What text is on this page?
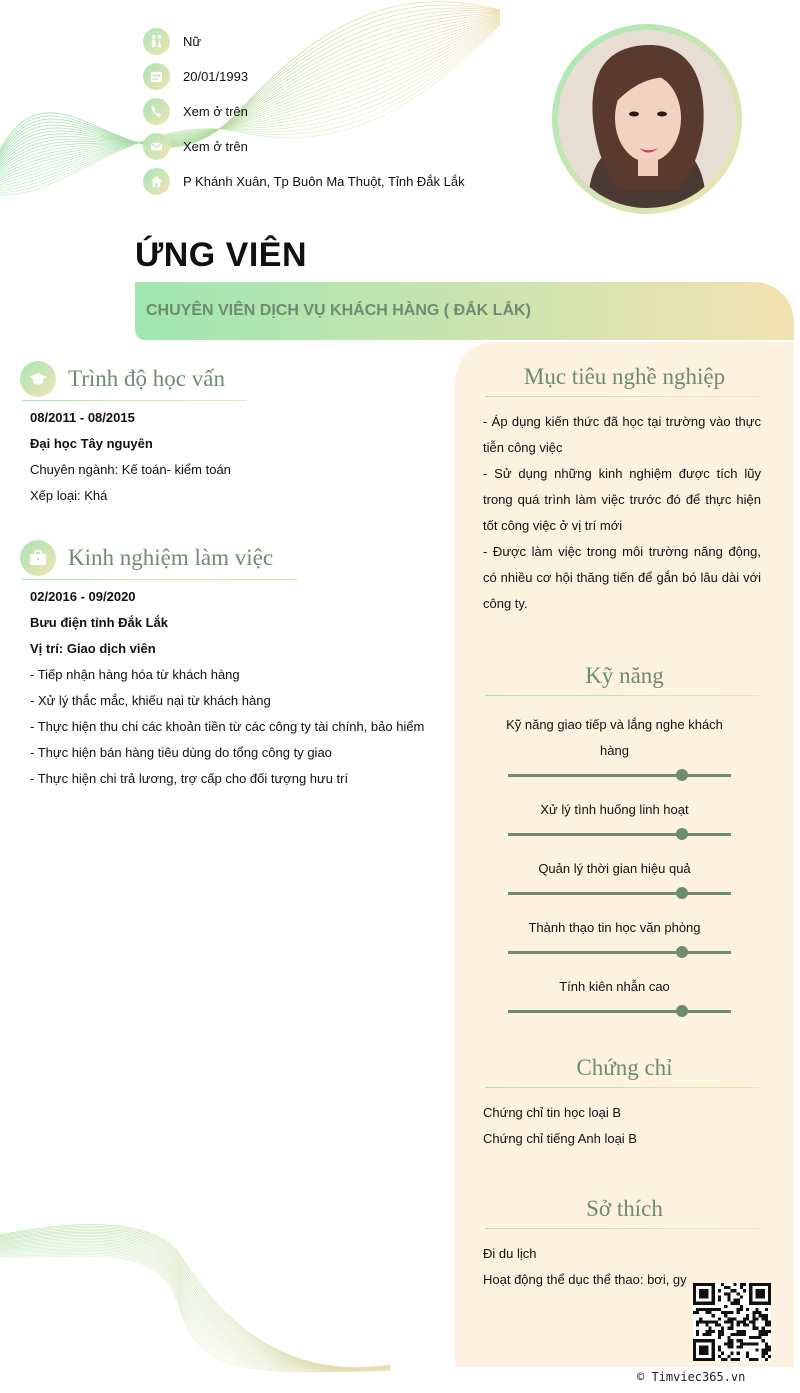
Nữ
20/01/1993
Xem ở trên
Xem ở trên
P Khánh Xuân, Tp Buôn Ma Thuột, Tỉnh Đắk Lắk
ỨNG VIÊN
CHUYÊN VIÊN DỊCH VỤ KHÁCH HÀNG ( ĐẮK LẮK)
Trình độ học vấn
08/2011 - 08/2015
Đại học Tây nguyên
Chuyên ngành: Kế toán- kiểm toán
Xếp loại: Khá
Kinh nghiệm làm việc
02/2016 - 09/2020
Bưu điện tỉnh Đắk Lắk
Vị trí: Giao dịch viên
- Tiếp nhận hàng hóa từ khách hàng
- Xử lý thắc mắc, khiếu nại từ khách hàng
- Thực hiện thu chi các khoản tiền từ các công ty tài chính, bảo hiểm
- Thực hiện bán hàng tiêu dùng do tổng công ty giao
- Thực hiện chi trả lương, trợ cấp cho đối tượng hưu trí
Mục tiêu nghề nghiệp
- Áp dụng kiến thức đã học tại trường vào thực tiễn công việc
- Sử dụng những kinh nghiệm được tích lũy trong quá trình làm việc trước đó để thực hiện tốt công việc ở vị trí mới
- Được làm việc trong môi trường năng động, có nhiều cơ hội thăng tiến để gắn bó lâu dài với công ty.
Kỹ năng
Kỹ năng giao tiếp và lắng nghe khách hàng
Xử lý tình huống linh hoạt
Quản lý thời gian hiệu quả
Thành thạo tin học văn phòng
Tính kiên nhẫn cao
Chứng chỉ
Chứng chỉ tin học loại B
Chứng chỉ tiếng Anh loại B
Sở thích
Đi du lịch
Hoạt động thể dục thể thao: bơi, gy
© Timviec365.vn
